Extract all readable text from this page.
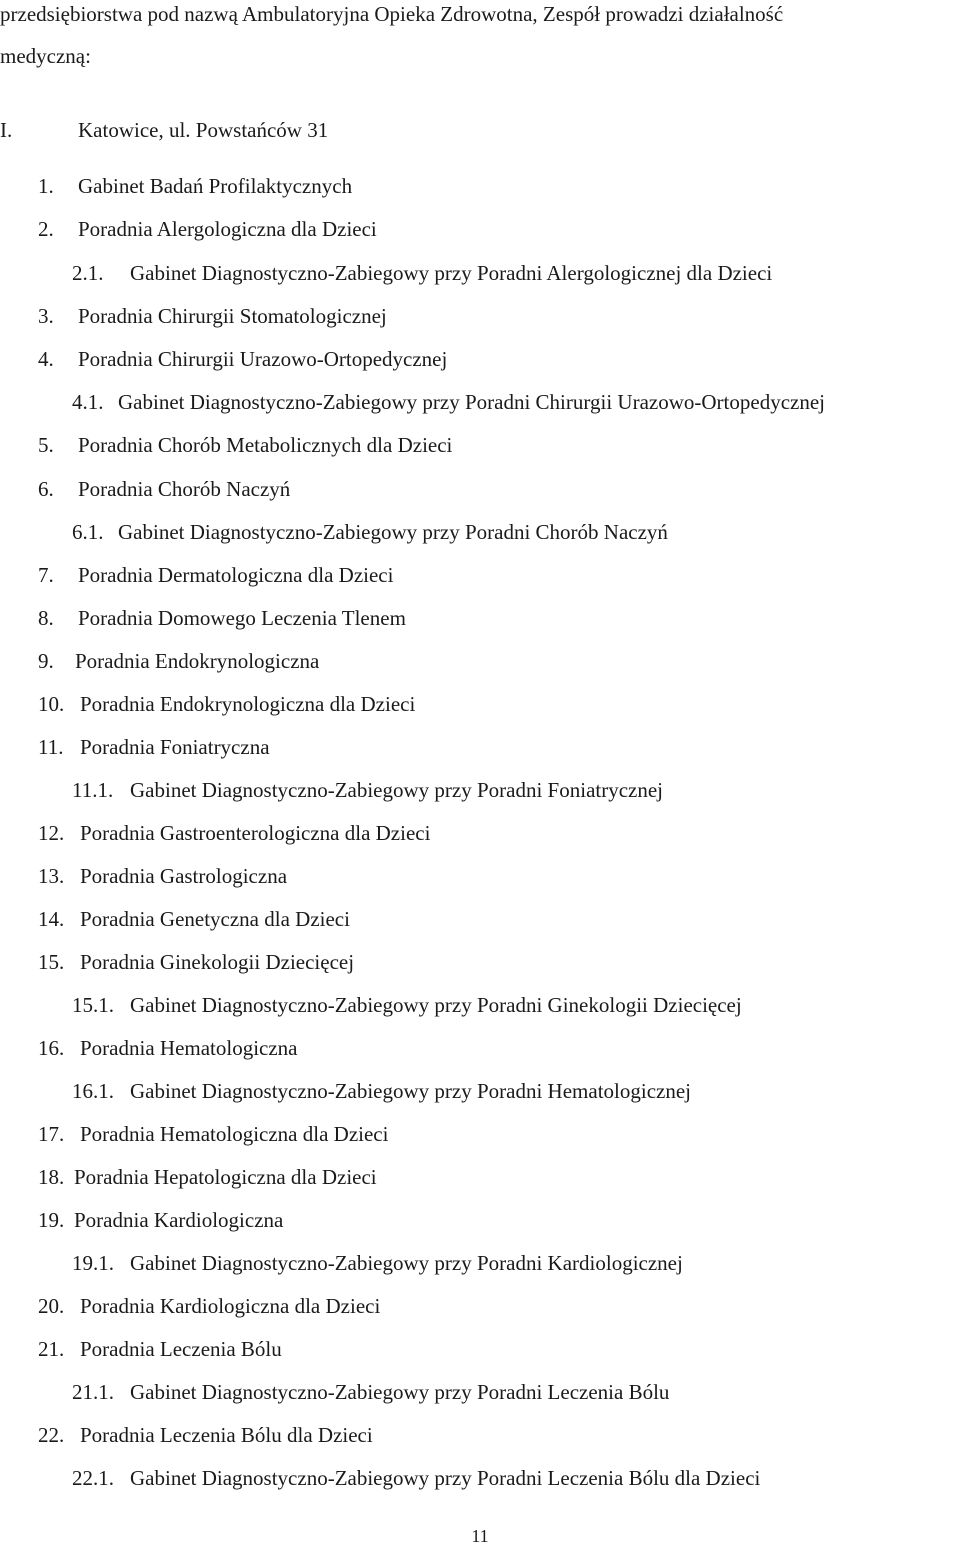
przedsiębiorstwa pod nazwą Ambulatoryjna Opieka Zdrowotna, Zespół prowadzi działalność
medyczną:
I.	Katowice, ul. Powstańców 31
1. Gabinet Badań Profilaktycznych
2. Poradnia Alergologiczna dla Dzieci
2.1. Gabinet Diagnostyczno-Zabiegowy przy Poradni Alergologicznej dla Dzieci
3. Poradnia Chirurgii Stomatologicznej
4. Poradnia Chirurgii Urazowo-Ortopedycznej
4.1. Gabinet Diagnostyczno-Zabiegowy przy Poradni Chirurgii Urazowo-Ortopedycznej
5. Poradnia Chorób Metabolicznych dla Dzieci
6. Poradnia Chorób Naczyń
6.1. Gabinet Diagnostyczno-Zabiegowy przy Poradni Chorób Naczyń
7. Poradnia Dermatologiczna dla Dzieci
8. Poradnia Domowego Leczenia Tlenem
9. Poradnia Endokrynologiczna
10. Poradnia Endokrynologiczna dla Dzieci
11. Poradnia Foniatryczna
11.1. Gabinet Diagnostyczno-Zabiegowy przy Poradni Foniatrycznej
12. Poradnia Gastroenterologiczna dla Dzieci
13. Poradnia Gastrologiczna
14. Poradnia Genetyczna dla Dzieci
15. Poradnia Ginekologii Dziecięcej
15.1. Gabinet Diagnostyczno-Zabiegowy przy Poradni Ginekologii Dziecięcej
16. Poradnia Hematologiczna
16.1. Gabinet Diagnostyczno-Zabiegowy przy Poradni Hematologicznej
17. Poradnia Hematologiczna dla Dzieci
18. Poradnia Hepatologiczna dla Dzieci
19. Poradnia Kardiologiczna
19.1. Gabinet Diagnostyczno-Zabiegowy przy Poradni Kardiologicznej
20. Poradnia Kardiologiczna dla Dzieci
21. Poradnia Leczenia Bólu
21.1. Gabinet Diagnostyczno-Zabiegowy przy Poradni Leczenia Bólu
22. Poradnia Leczenia Bólu dla Dzieci
22.1. Gabinet Diagnostyczno-Zabiegowy przy Poradni Leczenia Bólu dla Dzieci
11
